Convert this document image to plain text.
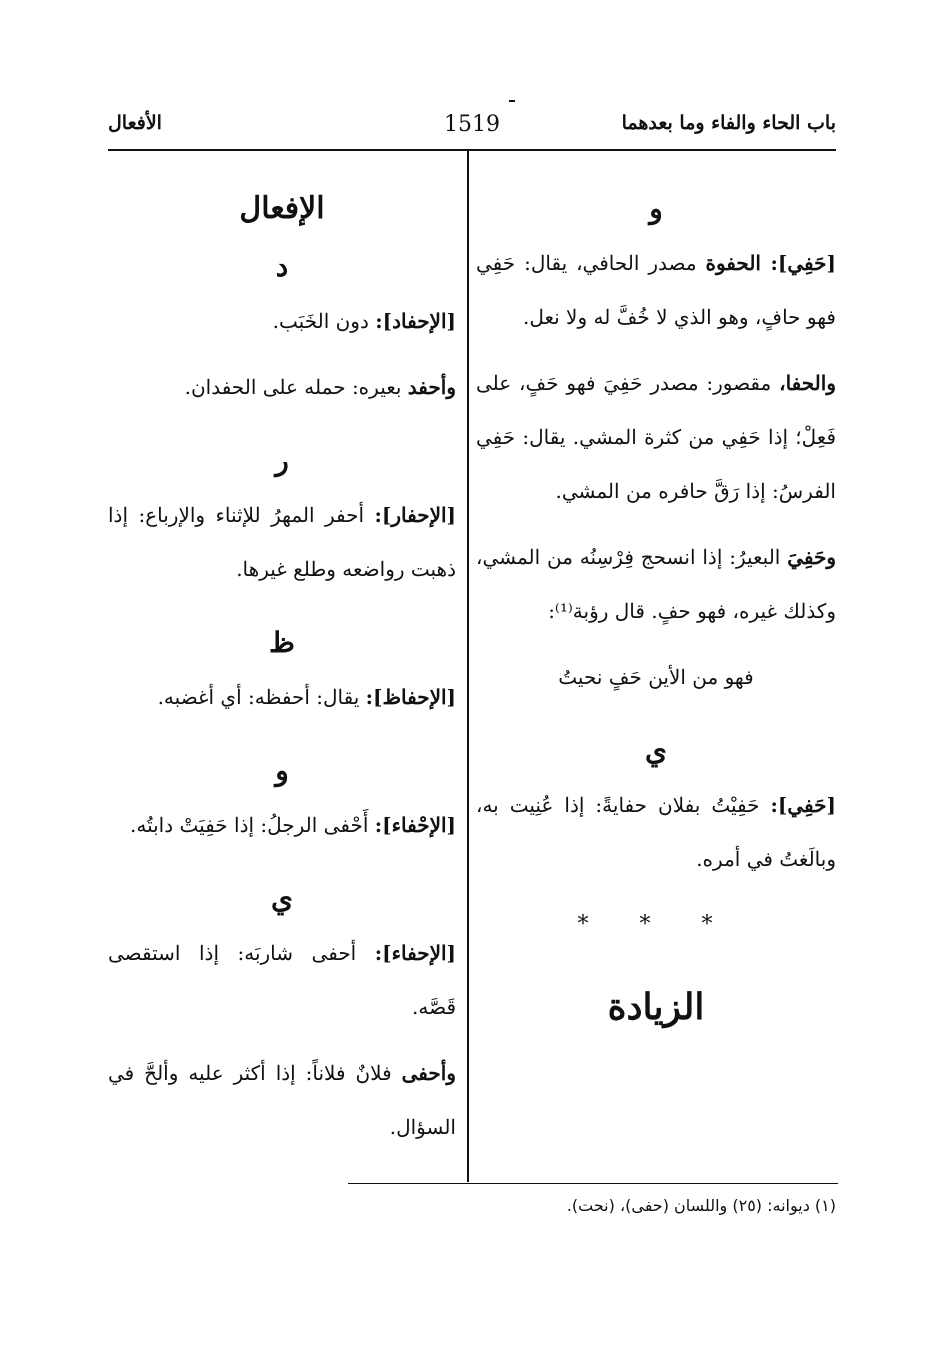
باب الحاء والفاء وما بعدهما
1519
الأفعال
و

[حَفِي]: الحفوة مصدر الحافي، يقال: حَفِي فهو حافٍ، وهو الذي لا خُفَّ له ولا نعل.

والحفا، مقصور: مصدر حَفِيَ فهو حَفٍ، على فَعِلْ؛ إذا حَفِي من كثرة المشي. يقال: حَفِي الفرسُ: إذا رَقَّ حافره من المشي.

وحَفِيَ البعيرُ: إذا انسحج فِرْسِنُه من المشي، وكذلك غيره، فهو حفٍ. قال رؤبة⁽¹⁾:

فهو من الأين حَفٍ نحيتُ
ي

[حَفِي]: حَفِيْتُ بفلان حفايةً: إذا عُنِيت به، وبالَغتُ في أمره.

* * *
الزيادة
الإفعال
د

[الإحفاد]: دون الخَبَب.

وأحفد بعيره: حمله على الحفدان.

ر

[الإحفار]: أحفر المهرُ للإثناء والإرباع: إذا ذهبت رواضعه وطلع غيرها.

ظ

[الإحفاظ]: يقال: أحفظه: أي أغضبه.

و

[الإحْفاء]: أَحْفى الرجلُ: إذا حَفِيَتْ دابتُه.

ي

[الإحفاء]: أحفى شاربَه: إذا استقصى قَصَّه.

وأحفى فلانٌ فلاناً: إذا أكثر عليه وألحَّ في السؤال.

(١) ديوانه: (٢٥) واللسان (حفى)، (نحت).
